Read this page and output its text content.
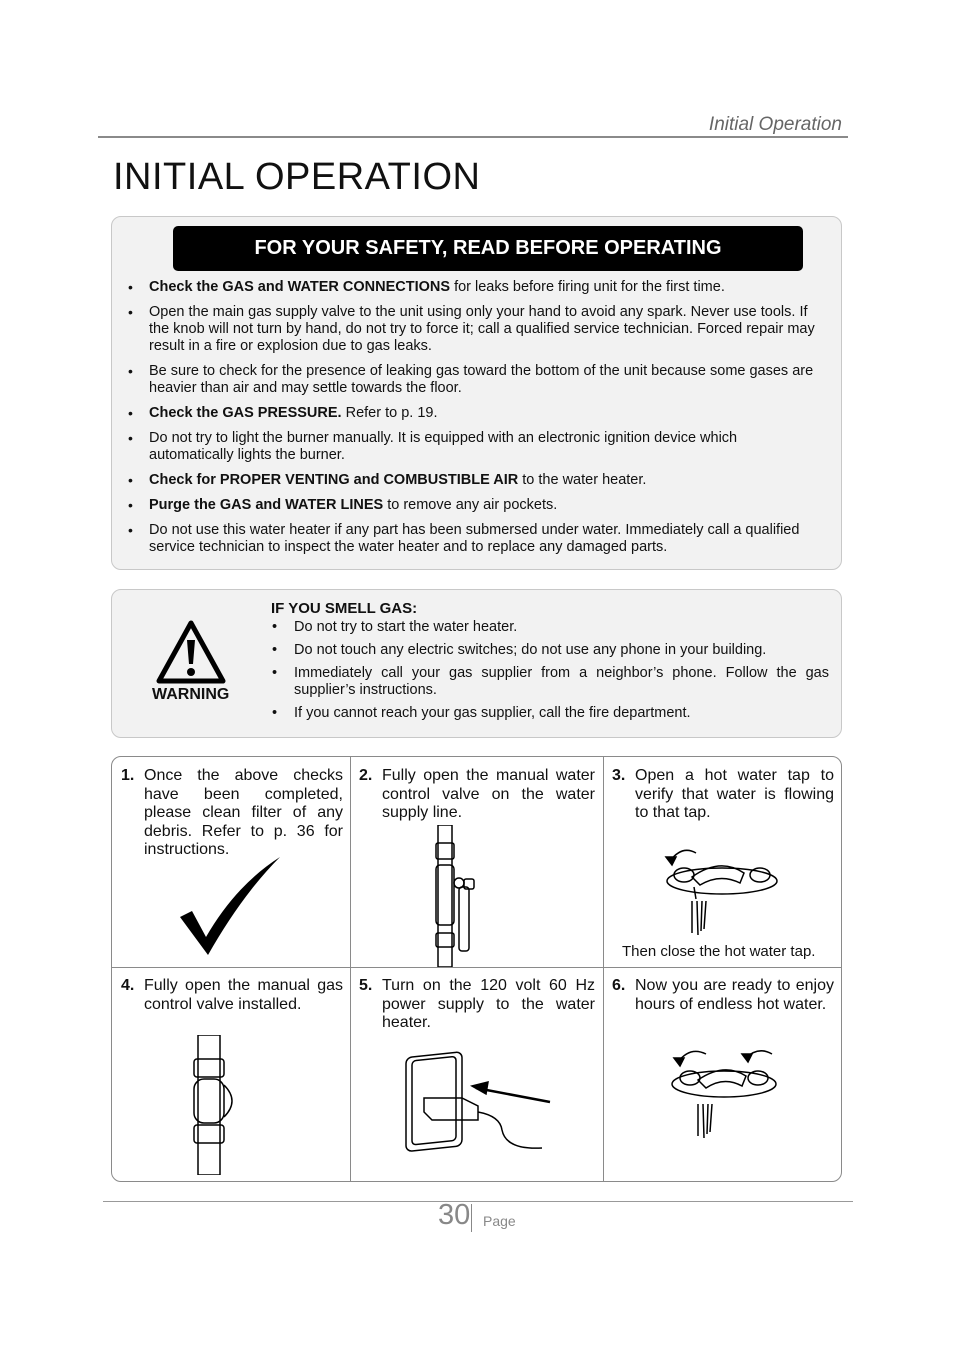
Initial Operation
INITIAL OPERATION
FOR YOUR SAFETY, READ BEFORE OPERATING
• Check the GAS and WATER CONNECTIONS for leaks before firing unit for the first time.
• Open the main gas supply valve to the unit using only your hand to avoid any spark. Never use tools. If the knob will not turn by hand, do not try to force it; call a qualified service technician. Forced repair may result in a fire or explosion due to gas leaks.
• Be sure to check for the presence of leaking gas toward the bottom of the unit because some gases are heavier than air and may settle towards the floor.
• Check the GAS PRESSURE. Refer to p. 19.
• Do not try to light the burner manually. It is equipped with an electronic ignition device which automatically lights the burner.
• Check for PROPER VENTING and COMBUSTIBLE AIR to the water heater.
• Purge the GAS and WATER LINES to remove any air pockets.
• Do not use this water heater if any part has been submersed under water. Immediately call a qualified service technician to inspect the water heater and to replace any damaged parts.
WARNING
IF YOU SMELL GAS:
• Do not try to start the water heater.
• Do not touch any electric switches; do not use any phone in your building.
• Immediately call your gas supplier from a neighbor’s phone. Follow the gas supplier’s instructions.
• If you cannot reach your gas supplier, call the fire department.
1. Once the above checks have been completed, please clean filter of any debris. Refer to p. 36 for instructions.
2. Fully open the manual water control valve on the water supply line.
3. Open a hot water tap to verify that water is flowing to that tap.
Then close the hot water tap.
4. Fully open the manual gas control valve installed.
5. Turn on the 120 volt 60 Hz power supply to the water heater.
6. Now you are ready to enjoy hours of endless hot water.
30 Page
